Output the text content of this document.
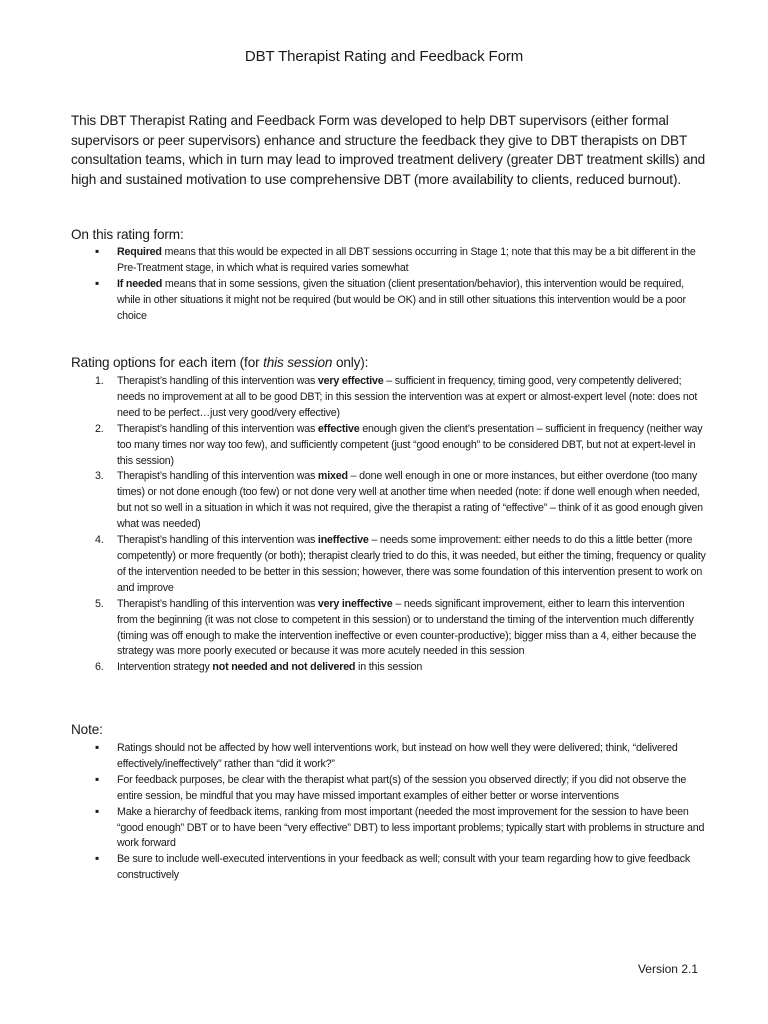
DBT Therapist Rating and Feedback Form
This DBT Therapist Rating and Feedback Form was developed to help DBT supervisors (either formal supervisors or peer supervisors) enhance and structure the feedback they give to DBT therapists on DBT consultation teams, which in turn may lead to improved treatment delivery (greater DBT treatment skills) and high and sustained motivation to use comprehensive DBT (more availability to clients, reduced burnout).
On this rating form:
▪ Required means that this would be expected in all DBT sessions occurring in Stage 1; note that this may be a bit different in the Pre-Treatment stage, in which what is required varies somewhat
▪ If needed means that in some sessions, given the situation (client presentation/behavior), this intervention would be required, while in other situations it might not be required (but would be OK) and in still other situations this intervention would be a poor choice
Rating options for each item (for this session only):
1. Therapist’s handling of this intervention was very effective – sufficient in frequency, timing good, very competently delivered; needs no improvement at all to be good DBT; in this session the intervention was at expert or almost-expert level (note: does not need to be perfect…just very good/very effective)
2. Therapist’s handling of this intervention was effective enough given the client’s presentation – sufficient in frequency (neither way too many times nor way too few), and sufficiently competent (just “good enough” to be considered DBT, but not at expert-level in this session)
3. Therapist’s handling of this intervention was mixed – done well enough in one or more instances, but either overdone (too many times) or not done enough (too few) or not done very well at another time when needed (note: if done well enough when needed, but not so well in a situation in which it was not required, give the therapist a rating of “effective” – think of it as good enough given what was needed)
4. Therapist’s handling of this intervention was ineffective – needs some improvement: either needs to do this a little better (more competently) or more frequently (or both); therapist clearly tried to do this, it was needed, but either the timing, frequency or quality of the intervention needed to be better in this session; however, there was some foundation of this intervention present to work on and improve
5. Therapist’s handling of this intervention was very ineffective – needs significant improvement, either to learn this intervention from the beginning (it was not close to competent in this session) or to understand the timing of the intervention much differently (timing was off enough to make the intervention ineffective or even counter-productive); bigger miss than a 4, either because the strategy was more poorly executed or because it was more acutely needed in this session
6. Intervention strategy not needed and not delivered in this session
Note:
▪ Ratings should not be affected by how well interventions work, but instead on how well they were delivered; think, “delivered effectively/ineffectively” rather than “did it work?”
▪ For feedback purposes, be clear with the therapist what part(s) of the session you observed directly; if you did not observe the entire session, be mindful that you may have missed important examples of either better or worse interventions
▪ Make a hierarchy of feedback items, ranking from most important (needed the most improvement for the session to have been “good enough” DBT or to have been “very effective” DBT) to less important problems; typically start with problems in structure and work forward
▪ Be sure to include well-executed interventions in your feedback as well; consult with your team regarding how to give feedback constructively
Version 2.1
